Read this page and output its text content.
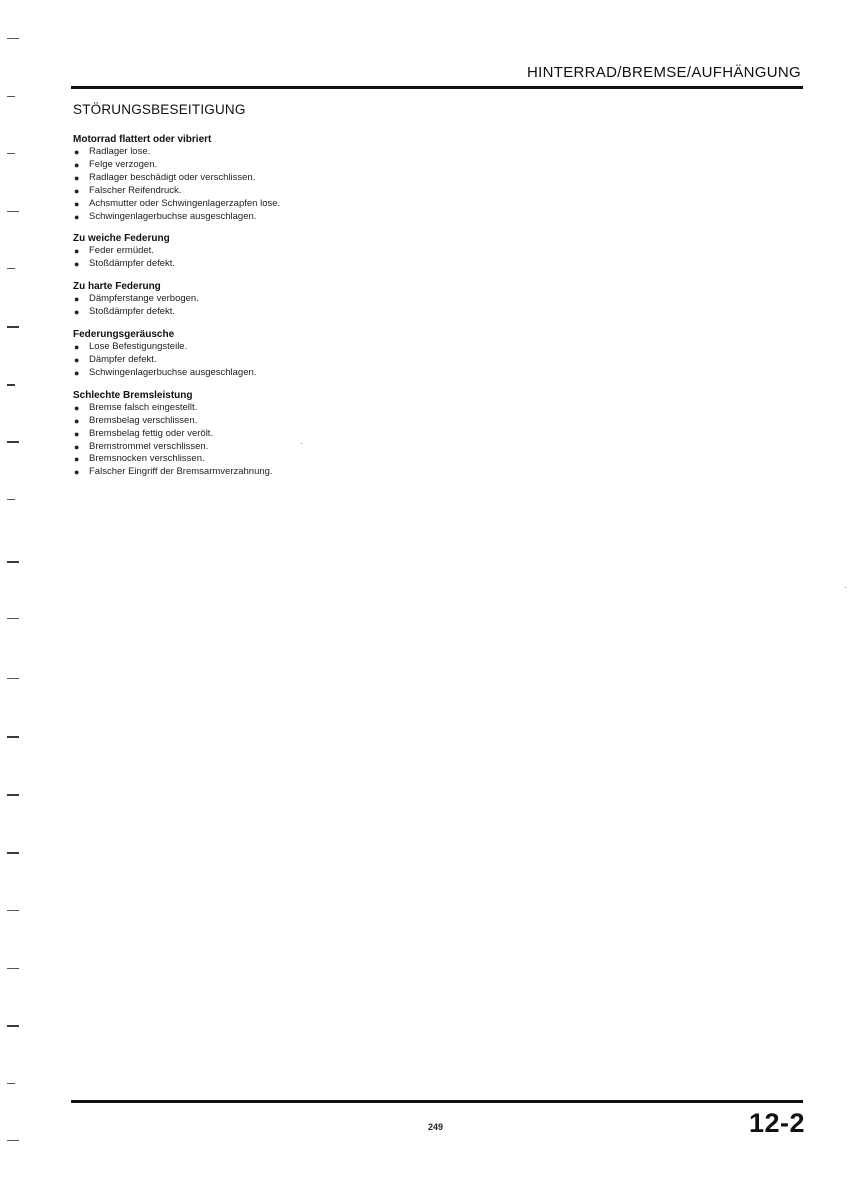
HINTERRAD/BREMSE/AUFHÄNGUNG
STÖRUNGSBESEITIGUNG
Motorrad flattert oder vibriert
● Radlager lose.
● Felge verzogen.
● Radlager beschädigt oder verschlissen.
● Falscher Reifendruck.
● Achsmutter oder Schwingenlagerzapfen lose.
● Schwingenlagerbuchse ausgeschlagen.
Zu weiche Federung
● Feder ermüdet.
● Stoßdämpfer defekt.
Zu harte Federung
● Dämpferstange verbogen.
● Stoßdämpfer defekt.
Federungsgeräusche
● Lose Befestigungsteile.
● Dämpfer defekt.
● Schwingenlagerbuchse ausgeschlagen.
Schlechte Bremsleistung
● Bremse falsch eingestellt.
● Bremsbelag verschlissen.
● Bremsbelag fettig oder verölt.
● Bremstrommel verschlissen.
● Bremsnocken verschlissen.
● Falscher Eingriff der Bremsarmverzahnung.
249	12-2
